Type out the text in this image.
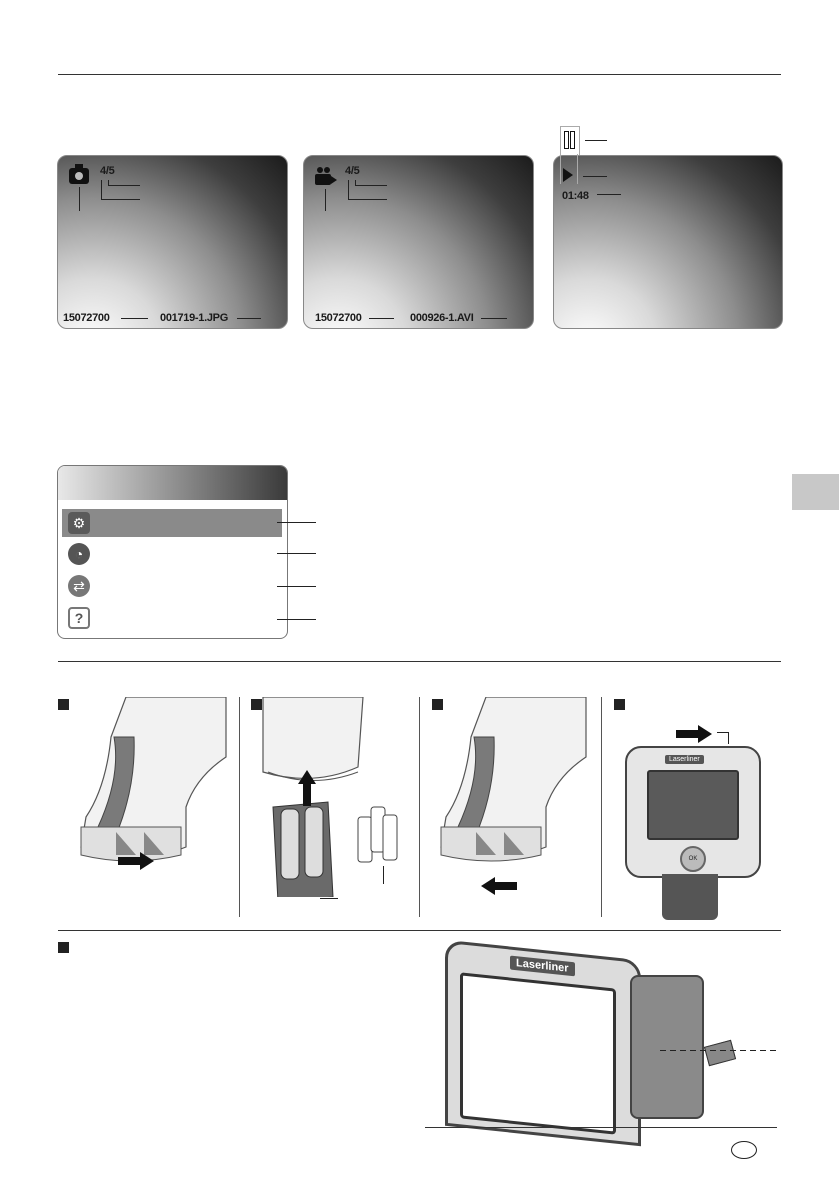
4/5
15072700	001719-1.JPG
4/5
15072700	000926-1.AVI
01:48
⚙
◔
⇄
?
Laserliner
OK
Laserliner
